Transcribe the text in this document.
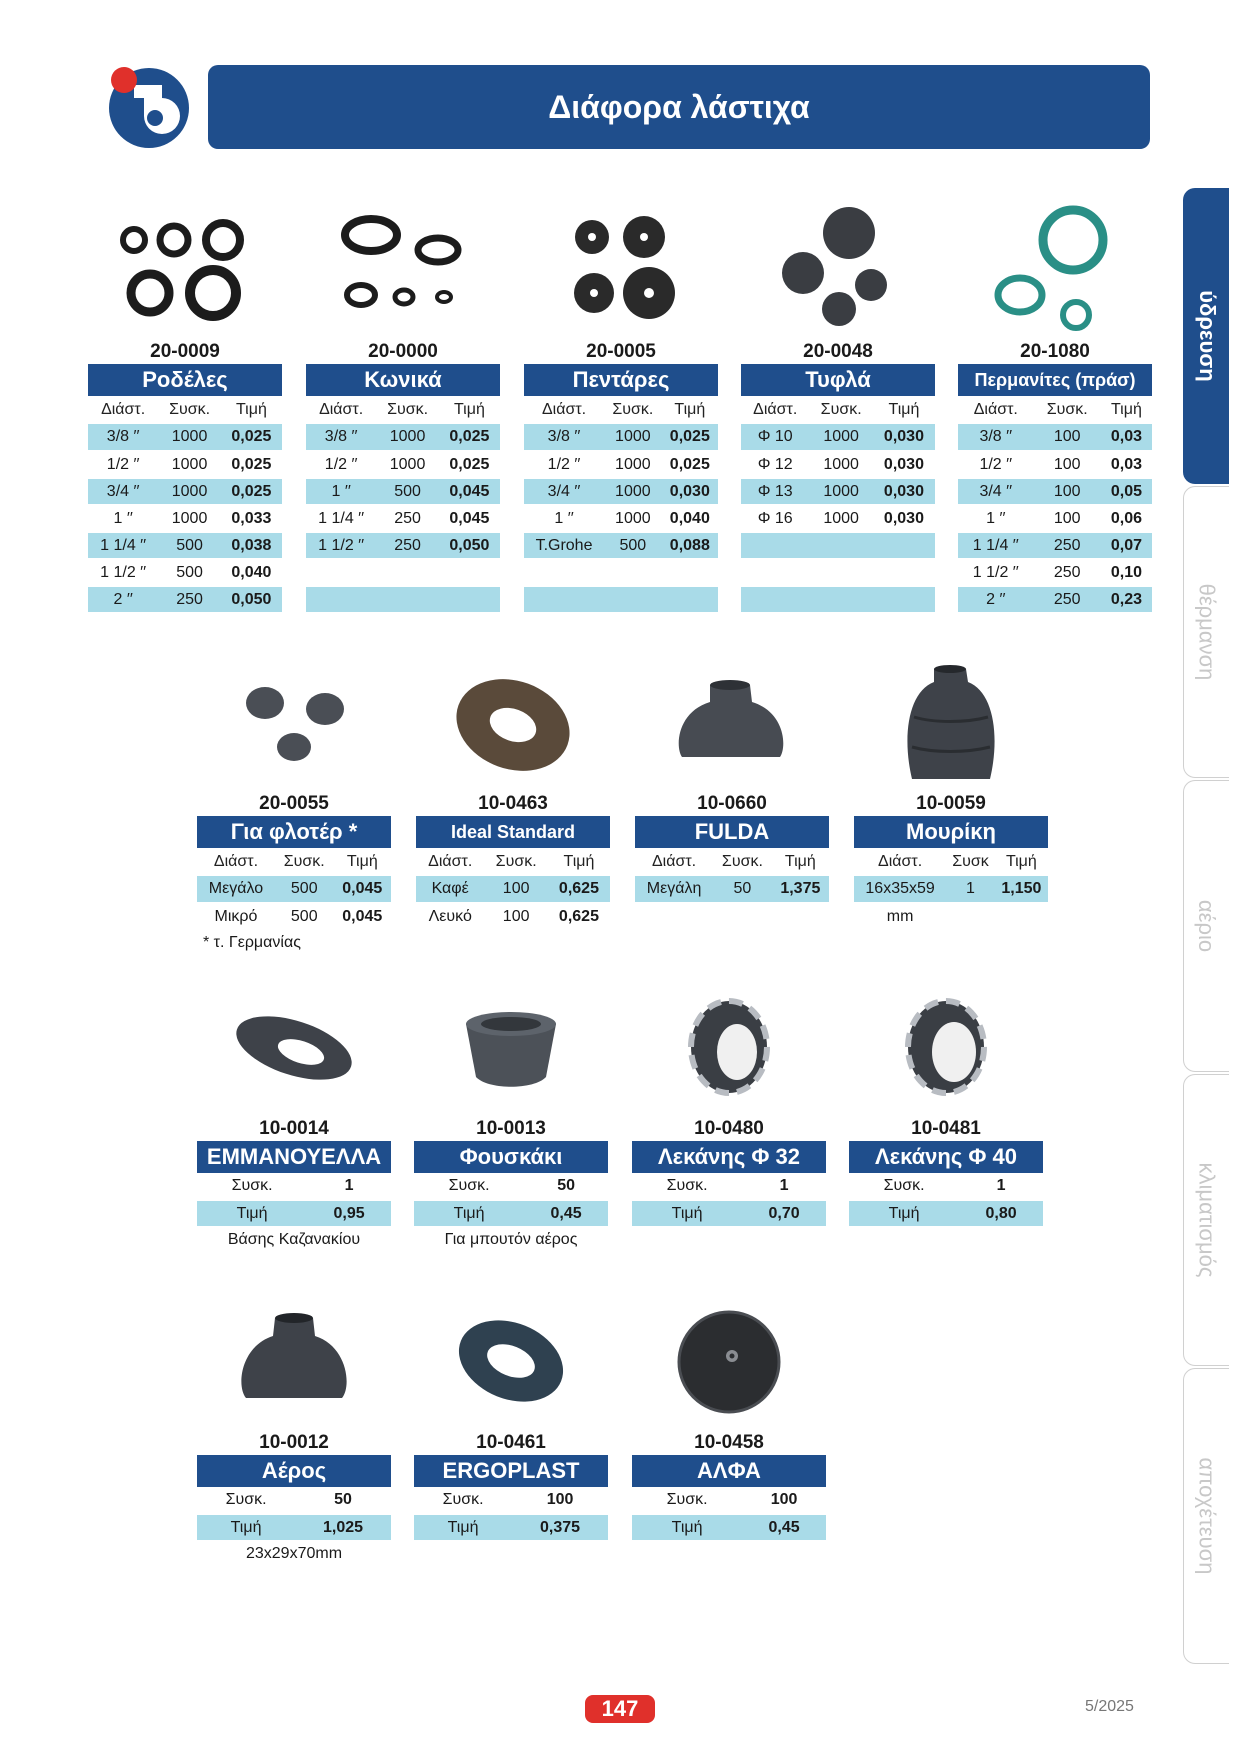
Διάφορα λάστιχα
ύδρευση
θέρμανση
αέριο
κλιματισμός
αποχέτευση
20-0009
Ροδέλες
Διάστ.	Συσκ.	Τιμή
3/8 ′′	1000	0,025
1/2 ′′	1000	0,025
3/4 ′′	1000	0,025
1 ′′	1000	0,033
1 1/4 ′′	500	0,038
1 1/2 ′′	500	0,040
2 ′′	250	0,050
20-0000
Κωνικά
Διάστ.	Συσκ.	Τιμή
3/8 ′′	1000	0,025
1/2 ′′	1000	0,025
1 ′′	500	0,045
1 1/4 ′′	250	0,045
1 1/2 ′′	250	0,050

20-0005
Πεντάρες
Διάστ.	Συσκ.	Τιμή
3/8 ′′	1000	0,025
1/2 ′′	1000	0,025
3/4 ′′	1000	0,030
1 ′′	1000	0,040
T.Grohe	500	0,088

20-0048
Τυφλά
Διάστ.	Συσκ.	Τιμή
Φ 10	1000	0,030
Φ 12	1000	0,030
Φ 13	1000	0,030
Φ 16	1000	0,030

20-1080
Περμανίτες (πράσ)
Διάστ.	Συσκ.	Τιμή
3/8 ′′	100	0,03
1/2 ′′	100	0,03
3/4 ′′	100	0,05
1 ′′	100	0,06
1 1/4 ′′	250	0,07
1 1/2 ′′	250	0,10
2 ′′	250	0,23
20-0055
Για φλοτέρ *
Διάστ.	Συσκ.	Τιμή
Μεγάλο	500	0,045
Μικρό	500	0,045
* τ. Γερμανίας
10-0463
Ideal Standard
Διάστ.	Συσκ.	Τιμή
Καφέ	100	0,625
Λευκό	100	0,625
10-0660
FULDA
Διάστ.	Συσκ.	Τιμή
Μεγάλη	50	1,375

10-0059
Μουρίκη
Διάστ.	Συσκ	Τιμή
16x35x59	1	1,150
mm		
10-0014
ΕΜΜΑΝΟΥΕΛΛΑ
Συσκ.	1
Τιμή	0,95
Βάσης Καζανακίου
10-0013
Φουσκάκι
Συσκ.	50
Τιμή	0,45
Για μπουτόν αέρος
10-0480
Λεκάνης Φ 32
Συσκ.	1
Τιμή	0,70
10-0481
Λεκάνης Φ 40
Συσκ.	1
Τιμή	0,80
10-0012
Αέρος
Συσκ.	50
Τιμή	1,025
23x29x70mm
10-0461
ERGOPLAST
Συσκ.	100
Τιμή	0,375
10-0458
ΑΛΦΑ
Συσκ.	100
Τιμή	0,45
147	5/2025
